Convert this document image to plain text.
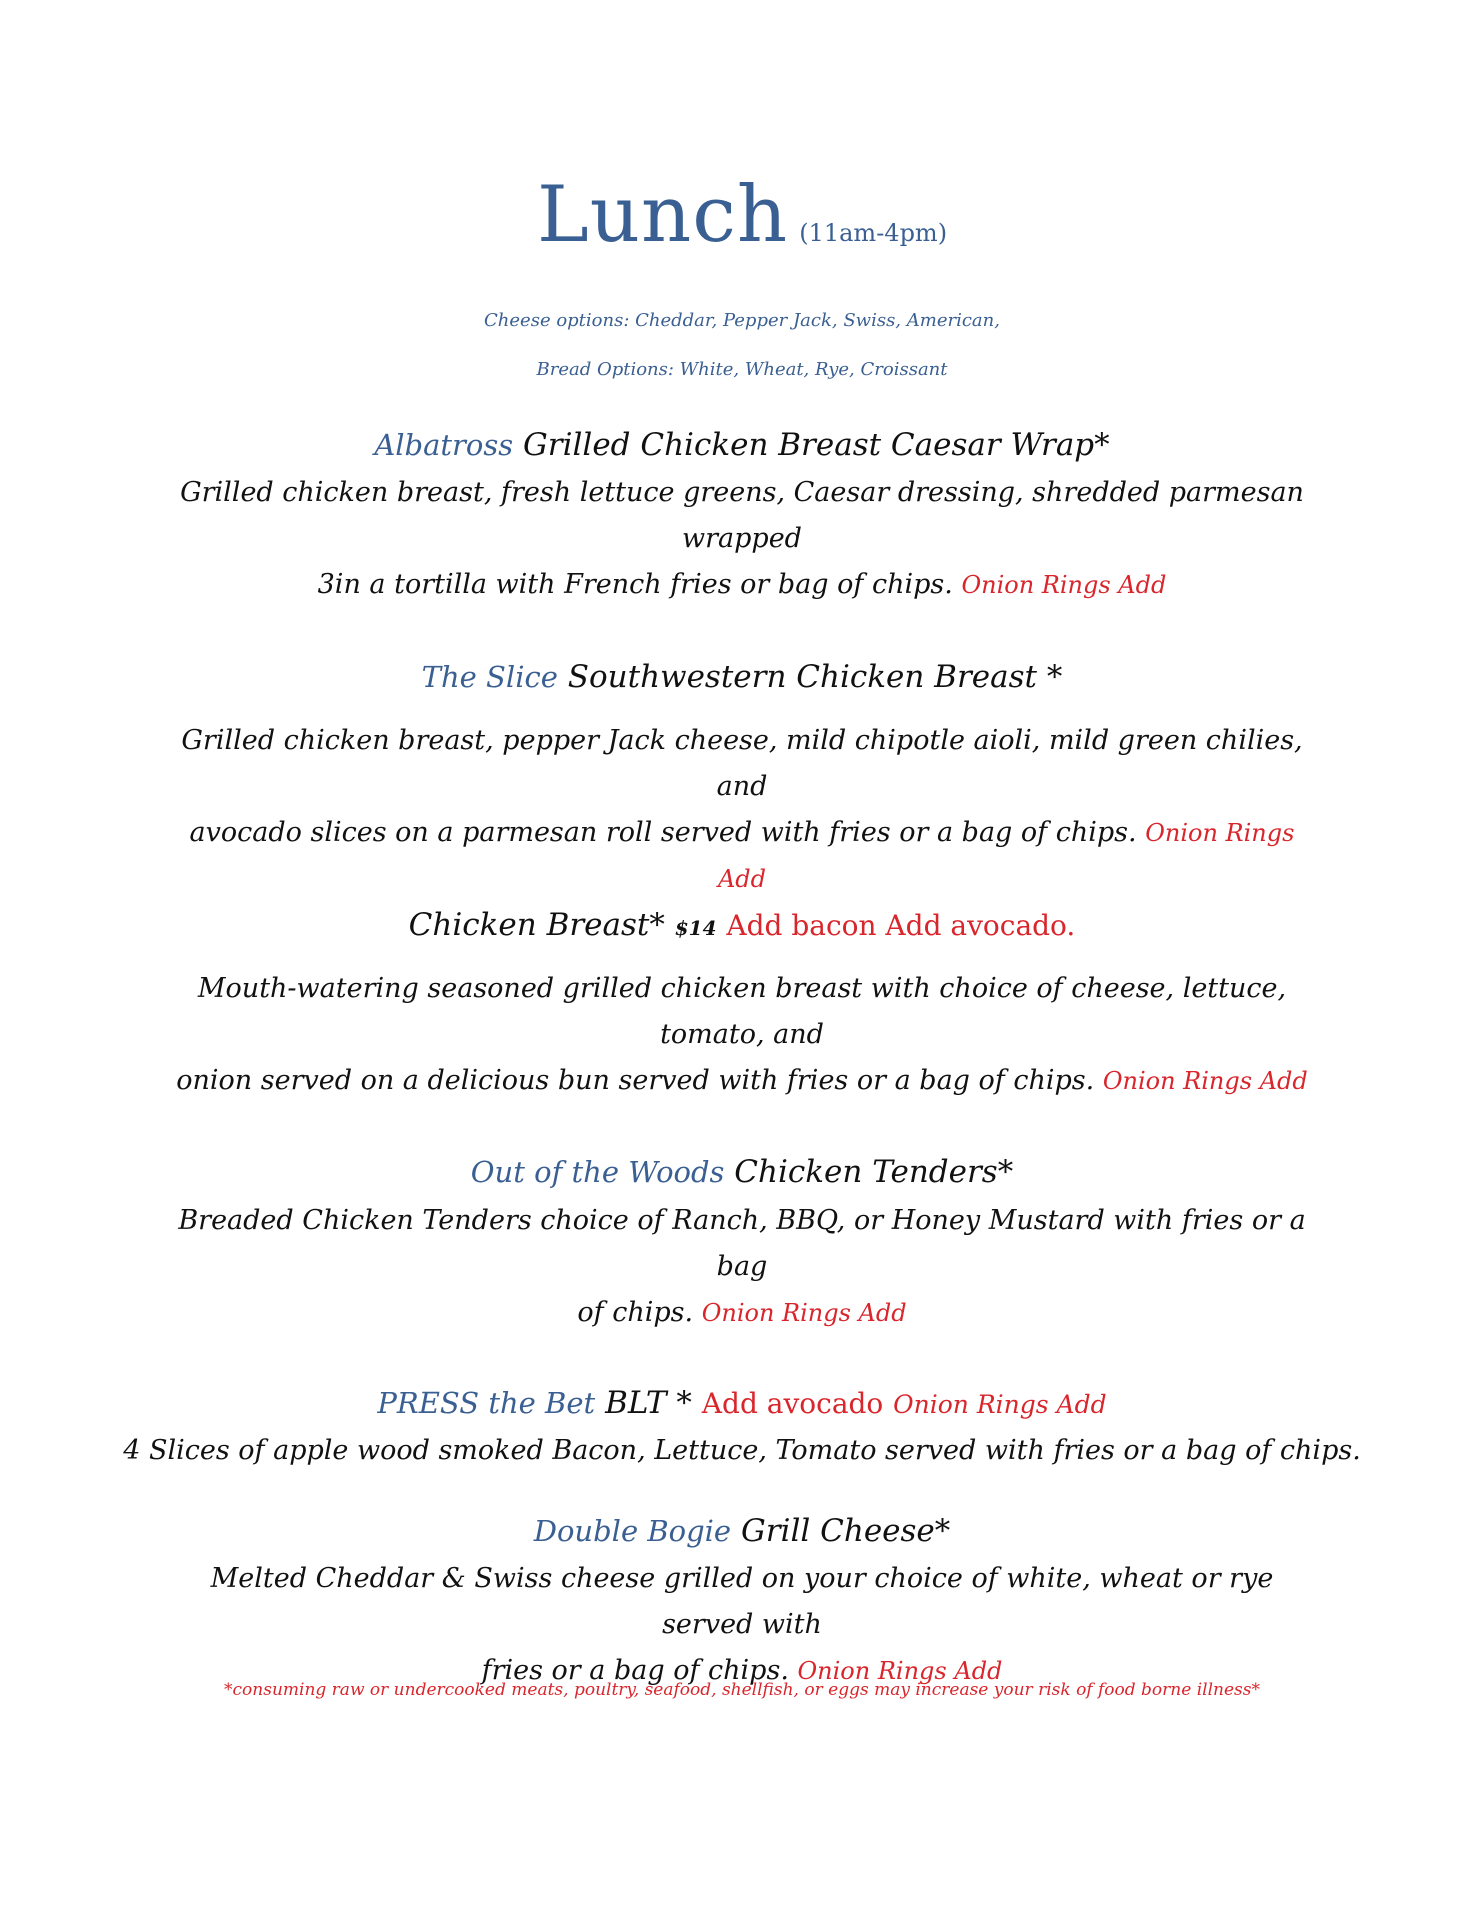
Lunch (11am-4pm)
Cheese options: Cheddar, Pepper Jack, Swiss, American,
Bread Options: White, Wheat, Rye, Croissant
Albatross Grilled Chicken Breast Caesar Wrap*
Grilled chicken breast, fresh lettuce greens, Caesar dressing, shredded parmesan wrapped
3in a tortilla with French fries or bag of chips. Onion Rings Add
The Slice Southwestern Chicken Breast *
Grilled chicken breast, pepper Jack cheese, mild chipotle aioli, mild green chilies, and
avocado slices on a parmesan roll served with fries or a bag of chips. Onion Rings Add
Chicken Breast* $14 Add bacon Add avocado.
Mouth-watering seasoned grilled chicken breast with choice of cheese, lettuce, tomato, and
onion served on a delicious bun served with fries or a bag of chips. Onion Rings Add
Out of the Woods Chicken Tenders*
Breaded Chicken Tenders choice of Ranch, BBQ, or Honey Mustard with fries or a bag
of chips. Onion Rings Add
PRESS the Bet BLT * Add avocado Onion Rings Add
4 Slices of apple wood smoked Bacon, Lettuce, Tomato served with fries or a bag of chips.
Double Bogie Grill Cheese*
Melted Cheddar & Swiss cheese grilled on your choice of white, wheat or rye served with
fries or a bag of chips. Onion Rings Add
*consuming raw or undercooked meats, poultry, seafood, shellfish, or eggs may increase your risk of food borne illness*
